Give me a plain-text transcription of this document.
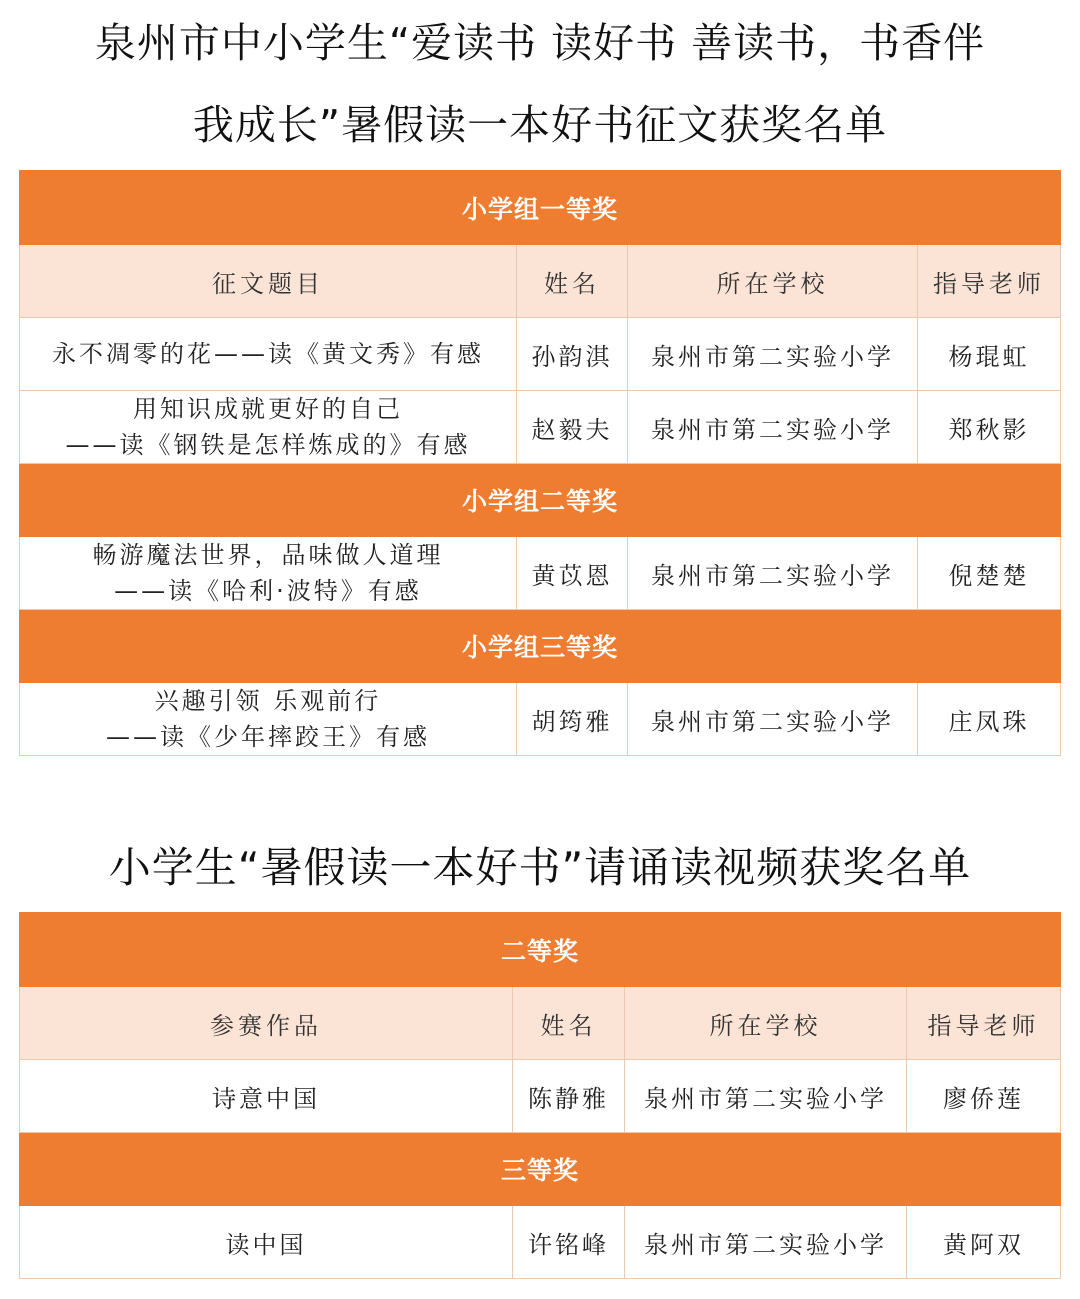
泉州市中小学生“爱读书 读好书 善读书，书香伴
我成长”暑假读一本好书征文获奖名单
小学组一等奖			
征文题目	姓名	所在学校	指导老师

永不凋零的花——读《黄文秀》有感	孙韵淇	泉州市第二实验小学	杨琨虹

用知识成就更好的自己
——读《钢铁是怎样炼成的》有感	赵毅夫	泉州市第二实验小学	郑秋影
小学组二等奖			

畅游魔法世界，品味做人道理
——读《哈利·波特》有感	黄苡恩	泉州市第二实验小学	倪楚楚
小学组三等奖			

兴趣引领 乐观前行
——读《少年摔跤王》有感	胡筠雅	泉州市第二实验小学	庄凤珠
小学生“暑假读一本好书”请诵读视频获奖名单
二等奖			
参赛作品	姓名	所在学校	指导老师
诗意中国	陈静雅	泉州市第二实验小学	廖侨莲
三等奖			
读中国	许铭峰	泉州市第二实验小学	黄阿双
